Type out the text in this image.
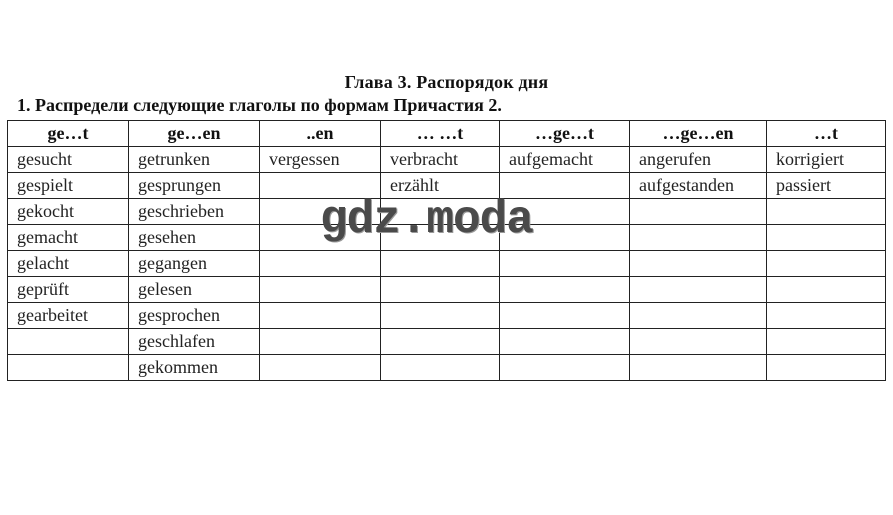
Глава 3. Распорядок дня
1. Распредели следующие глаголы по формам Причастия 2.
ge…t	ge…en	..en	… …t	…ge…t	…ge…en	…t
gesucht	getrunken	vergessen	verbracht	aufgemacht	angerufen	korrigiert
gespielt	gesprungen		erzählt		aufgestanden	passiert
gekocht	geschrieben					
gemacht	gesehen					
gelacht	gegangen					
geprüft	gelesen					
gearbeitet	gesprochen					
	geschlafen					
	gekommen					
gdz.moda
